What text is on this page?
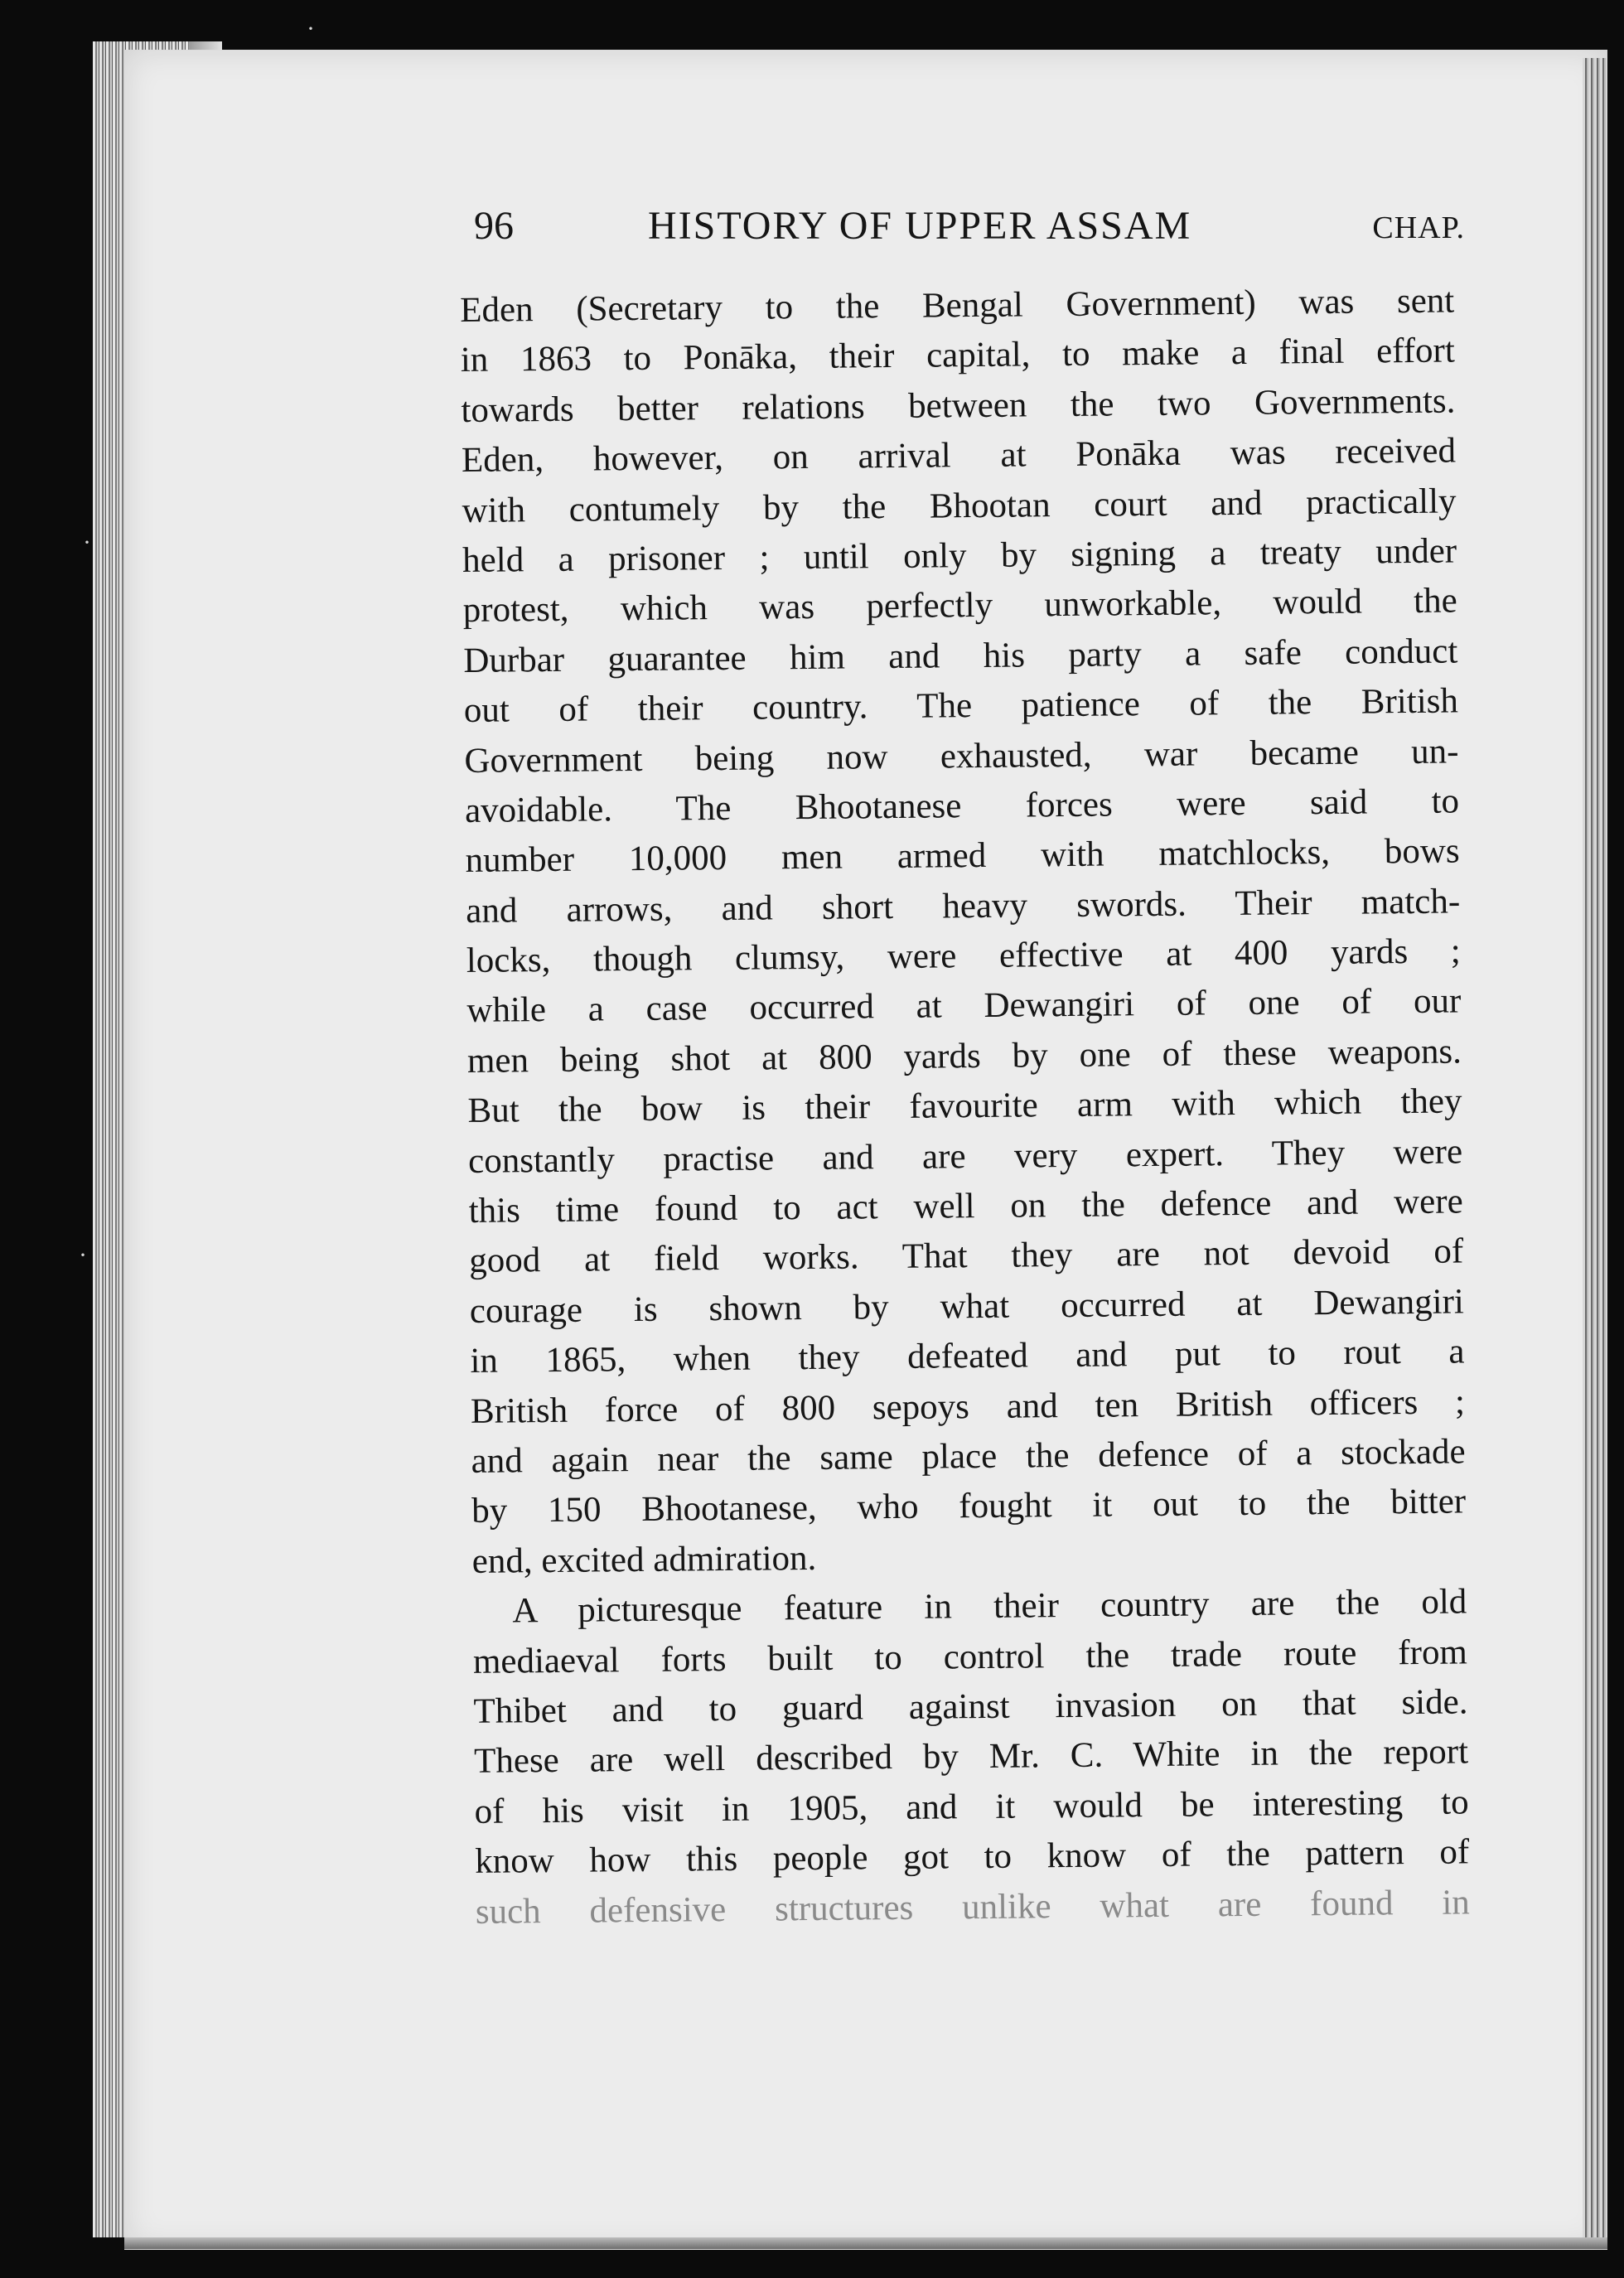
·
·
·
96	HISTORY OF UPPER ASSAM	CHAP.
Eden (Secretary to the Bengal Government) was sent
in 1863 to Ponāka, their capital, to make a final effort
towards better relations between the two Governments.
Eden, however, on arrival at Ponāka was received
with contumely by the Bhootan court and practically
held a prisoner ; until only by signing a treaty under
protest, which was perfectly unworkable, would the
Durbar guarantee him and his party a safe conduct
out of their country. The patience of the British
Government being now exhausted, war became un-
avoidable. The Bhootanese forces were said to
number 10,000 men armed with matchlocks, bows
and arrows, and short heavy swords. Their match-
locks, though clumsy, were effective at 400 yards ;
while a case occurred at Dewangiri of one of our
men being shot at 800 yards by one of these weapons.
But the bow is their favourite arm with which they
constantly practise and are very expert. They were
this time found to act well on the defence and were
good at field works. That they are not devoid of
courage is shown by what occurred at Dewangiri
in 1865, when they defeated and put to rout a
British force of 800 sepoys and ten British officers ;
and again near the same place the defence of a stockade
by 150 Bhootanese, who fought it out to the bitter
end, excited admiration.
A picturesque feature in their country are the old
mediaeval forts built to control the trade route from
Thibet and to guard against invasion on that side.
These are well described by Mr. C. White in the report
of his visit in 1905, and it would be interesting to
know how this people got to know of the pattern of
such defensive structures unlike what are found in
